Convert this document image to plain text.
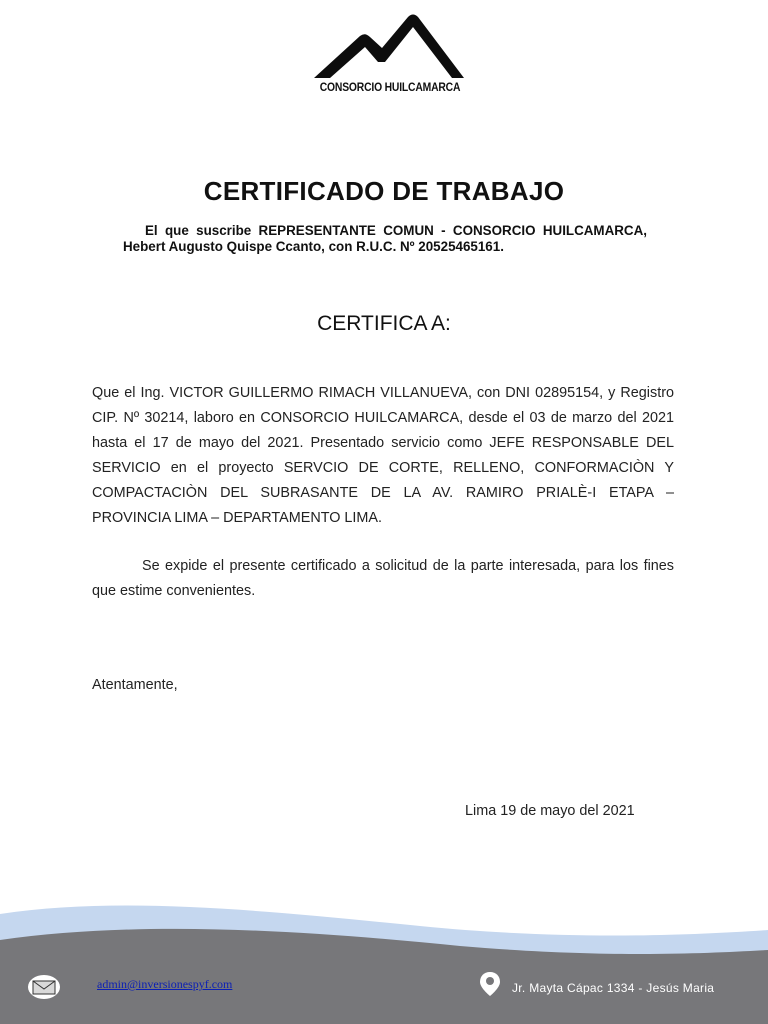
CONSORCIO HUILCAMARCA
CERTIFICADO DE TRABAJO
El que suscribe REPRESENTANTE COMUN - CONSORCIO HUILCAMARCA, Hebert Augusto Quispe Ccanto, con R.U.C. Nº 20525465161.
CERTIFICA A:
Que el Ing. VICTOR GUILLERMO RIMACH VILLANUEVA, con DNI 02895154, y Registro CIP. Nº 30214, laboro en CONSORCIO HUILCAMARCA, desde el 03 de marzo del 2021 hasta el 17 de mayo del 2021. Presentado servicio como JEFE RESPONSABLE DEL SERVICIO en el proyecto SERVCIO DE CORTE, RELLENO, CONFORMACIÒN Y COMPACTACIÒN DEL SUBRASANTE DE LA AV. RAMIRO PRIALÈ-I ETAPA – PROVINCIA LIMA – DEPARTAMENTO LIMA.
Se expide el presente certificado a solicitud de la parte interesada, para los fines que estime convenientes.
Atentamente,
Lima 19 de mayo del 2021
admin@inversionespyf.com	Jr. Mayta Cápac 1334 - Jesús Maria
